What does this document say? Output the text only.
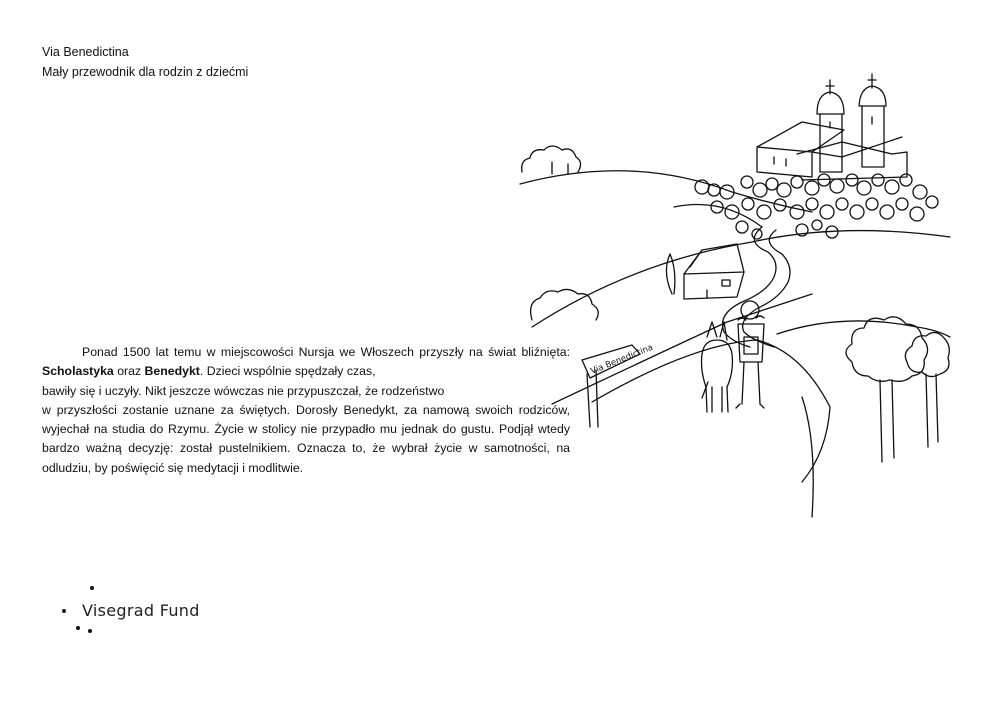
Via Benedictina
Mały przewodnik dla rodzin z dziećmi
Ponad 1500 lat temu w miejscowości Nursja we Włoszech przyszły na świat bliźnięta: Scholastyka oraz Benedykt. Dzieci wspólnie spędzały czas,
bawiły się i uczyły. Nikt jeszcze wówczas nie przypuszczał, że rodzeństwo
w przyszłości zostanie uznane za świętych. Dorosły Benedykt, za namową swoich rodziców, wyjechał na studia do Rzymu. Życie w stolicy nie przypadło mu jednak do gustu. Podjął wtedy bardzo ważną decyzję: został pustelnikiem. Oznacza to, że wybrał życie w samotności, na odludziu, by poświęcić się medytacji i modlitwie.
Via Benedictina
Visegrad Fund
